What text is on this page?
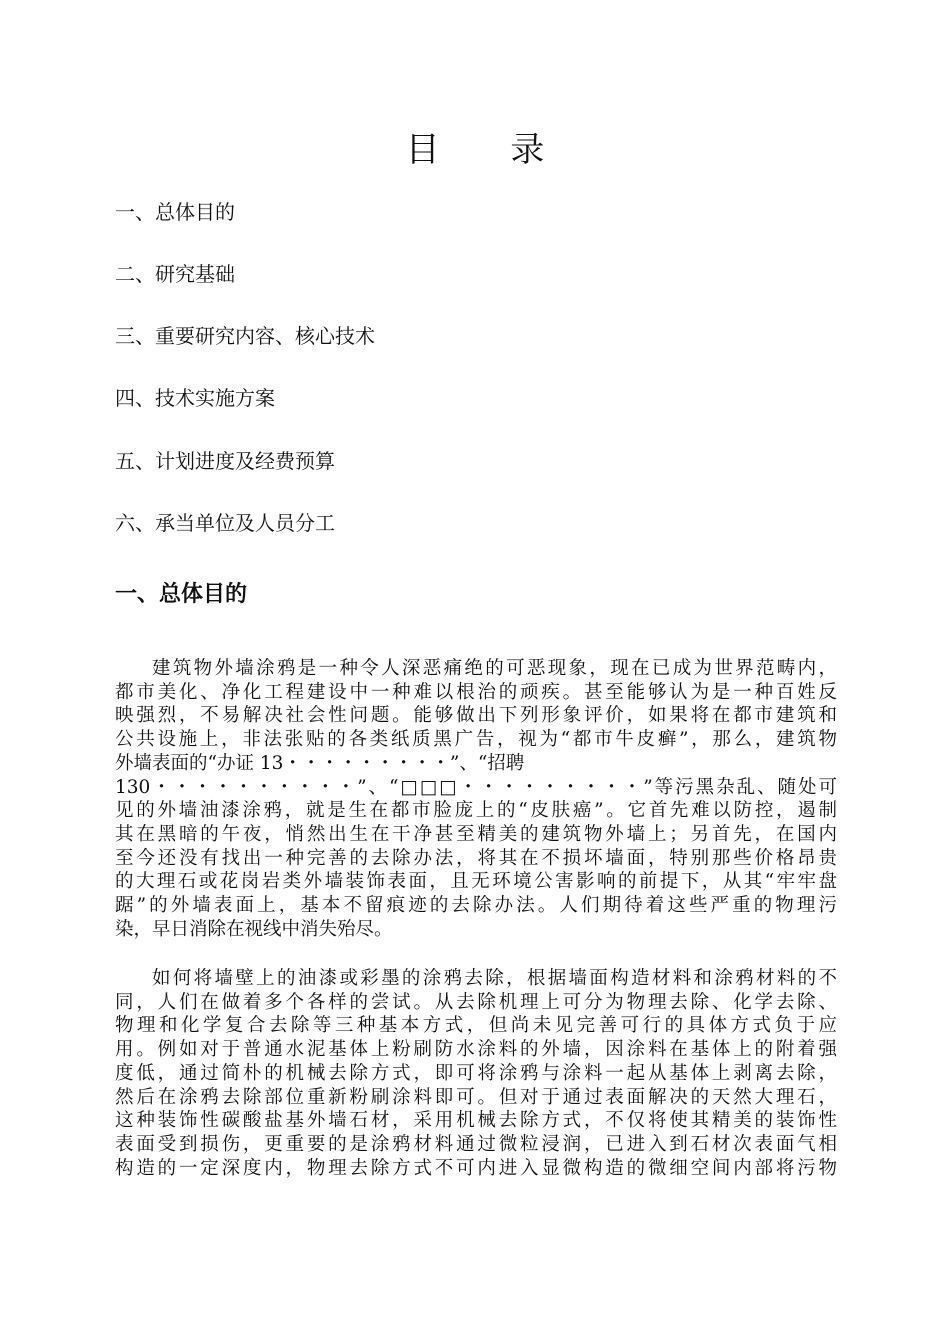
目 录
一、总体目的
二、研究基础
三、重要研究内容、核心技术
四、技术实施方案
五、计划进度及经费预算
六、承当单位及人员分工
一、总体目的
建筑物外墙涂鸦是一种令人深恶痛绝的可恶现象，现在已成为世界范畴内，
都市美化、净化工程建设中一种难以根治的顽疾。甚至能够认为是一种百姓反
映强烈，不易解决社会性问题。能够做出下列形象评价，如果将在都市建筑和
公共设施上，非法张贴的各类纸质黑广告，视为“都市牛皮癣”，那么，建筑物
外墙表面的“办证 13・・・・・・・・・”、“招聘
130・・・・・・・・・・”、“□□□・・・・・・・・・”等污黑杂乱、随处可
见的外墙油漆涂鸦，就是生在都市脸庞上的“皮肤癌”。它首先难以防控，遏制
其在黑暗的午夜，悄然出生在干净甚至精美的建筑物外墙上；另首先，在国内
至今还没有找出一种完善的去除办法，将其在不损坏墙面，特别那些价格昂贵
的大理石或花岗岩类外墙装饰表面，且无环境公害影响的前提下，从其“牢牢盘
踞”的外墙表面上，基本不留痕迹的去除办法。人们期待着这些严重的物理污
染，早日消除在视线中消失殆尽。
如何将墙壁上的油漆或彩墨的涂鸦去除，根据墙面构造材料和涂鸦材料的不
同，人们在做着多个各样的尝试。从去除机理上可分为物理去除、化学去除、
物理和化学复合去除等三种基本方式，但尚未见完善可行的具体方式负于应
用。例如对于普通水泥基体上粉刷防水涂料的外墙，因涂料在基体上的附着强
度低，通过简朴的机械去除方式，即可将涂鸦与涂料一起从基体上剥离去除，
然后在涂鸦去除部位重新粉刷涂料即可。但对于通过表面解决的天然大理石，
这种装饰性碳酸盐基外墙石材，采用机械去除方式，不仅将使其精美的装饰性
表面受到损伤，更重要的是涂鸦材料通过微粒浸润，已进入到石材次表面气相
构造的一定深度内，物理去除方式不可内进入显微构造的微细空间内部将污物
